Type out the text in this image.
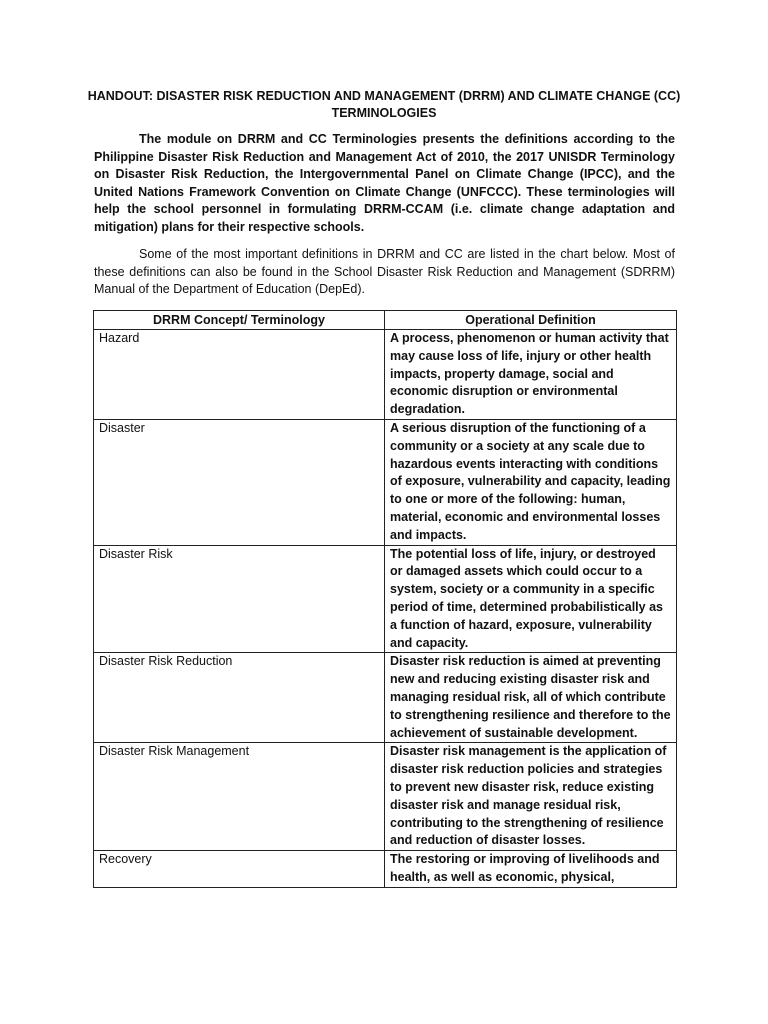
HANDOUT: DISASTER RISK REDUCTION AND MANAGEMENT (DRRM) AND CLIMATE CHANGE (CC) TERMINOLOGIES

The module on DRRM and CC Terminologies presents the definitions according to the Philippine Disaster Risk Reduction and Management Act of 2010, the 2017 UNISDR Terminology on Disaster Risk Reduction, the Intergovernmental Panel on Climate Change (IPCC), and the United Nations Framework Convention on Climate Change (UNFCCC). These terminologies will help the school personnel in formulating DRRM-CCAM (i.e. climate change adaptation and mitigation) plans for their respective schools.

Some of the most important definitions in DRRM and CC are listed in the chart below. Most of these definitions can also be found in the School Disaster Risk Reduction and Management (SDRRM) Manual of the Department of Education (DepEd).

DRRM Concept/ Terminology	Operational Definition
Hazard	A process, phenomenon or human activity that may cause loss of life, injury or other health impacts, property damage, social and economic disruption or environmental degradation.
Disaster	A serious disruption of the functioning of a community or a society at any scale due to hazardous events interacting with conditions of exposure, vulnerability and capacity, leading to one or more of the following: human, material, economic and environmental losses and impacts.
Disaster Risk	The potential loss of life, injury, or destroyed or damaged assets which could occur to a system, society or a community in a specific period of time, determined probabilistically as a function of hazard, exposure, vulnerability and capacity.
Disaster Risk Reduction	Disaster risk reduction is aimed at preventing new and reducing existing disaster risk and managing residual risk, all of which contribute to strengthening resilience and therefore to the achievement of sustainable development.
Disaster Risk Management	Disaster risk management is the application of disaster risk reduction policies and strategies to prevent new disaster risk, reduce existing disaster risk and manage residual risk, contributing to the strengthening of resilience and reduction of disaster losses.
Recovery	The restoring or improving of livelihoods and health, as well as economic, physical,
